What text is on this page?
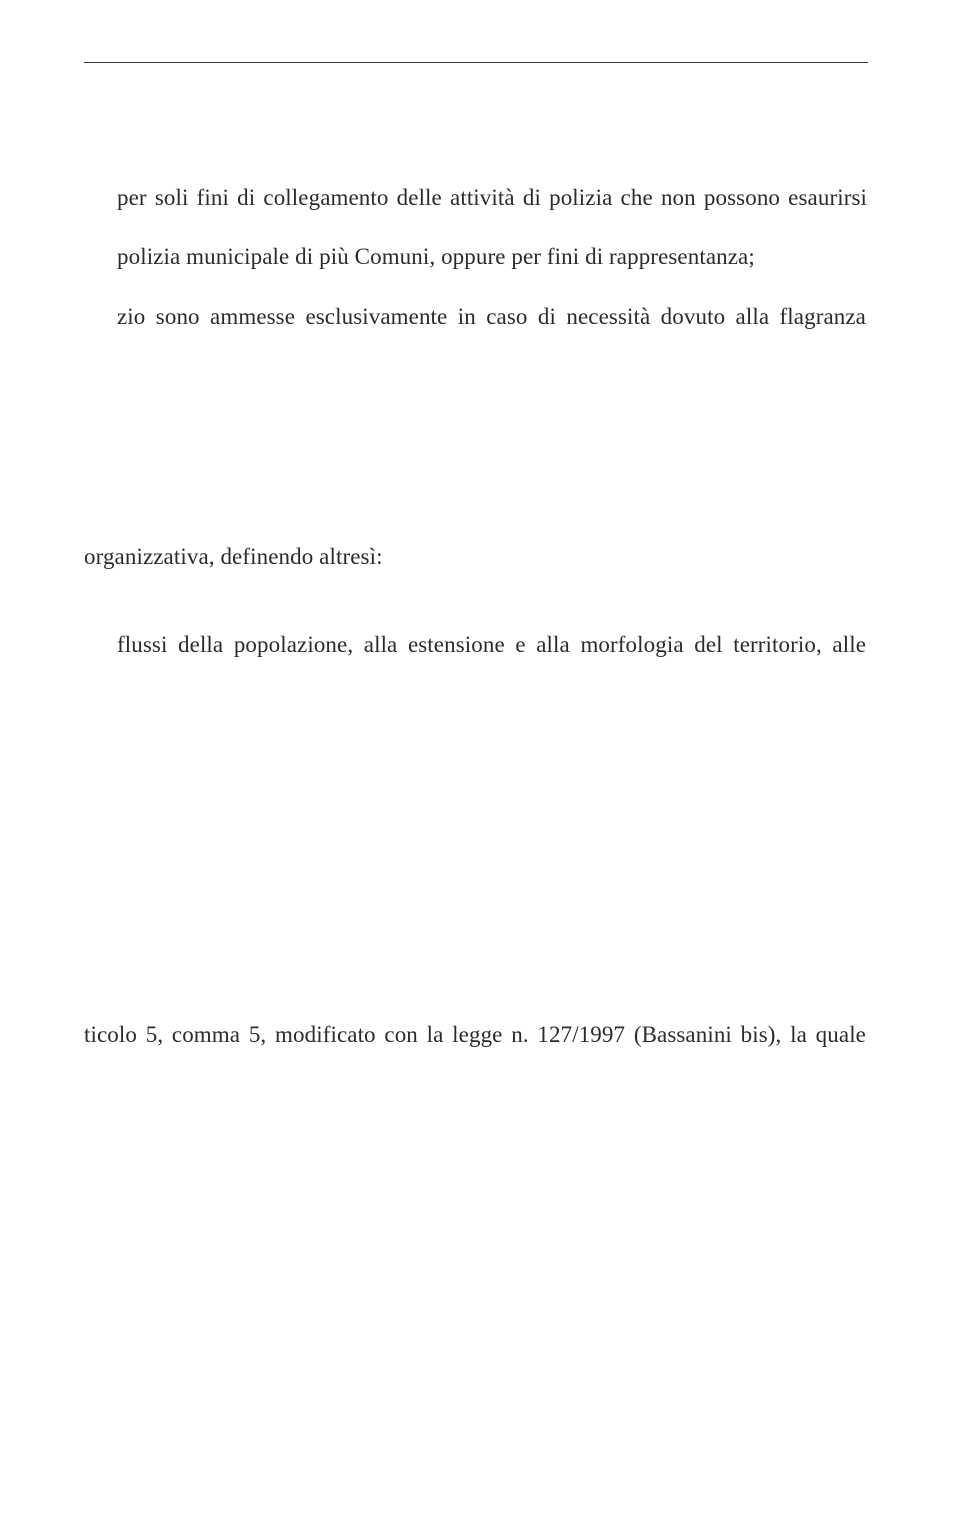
per soli fini di collegamento delle attività di polizia che non possono esaurirsi
polizia municipale di più Comuni, oppure per fini di rappresentanza;
zio sono ammesse esclusivamente in caso di necessità dovuto alla flagranza
organizzativa, definendo altresì:
flussi della popolazione, alla estensione e alla morfologia del territorio, alle
ticolo 5, comma 5, modificato con la legge n. 127/1997 (Bassanini bis), la quale
